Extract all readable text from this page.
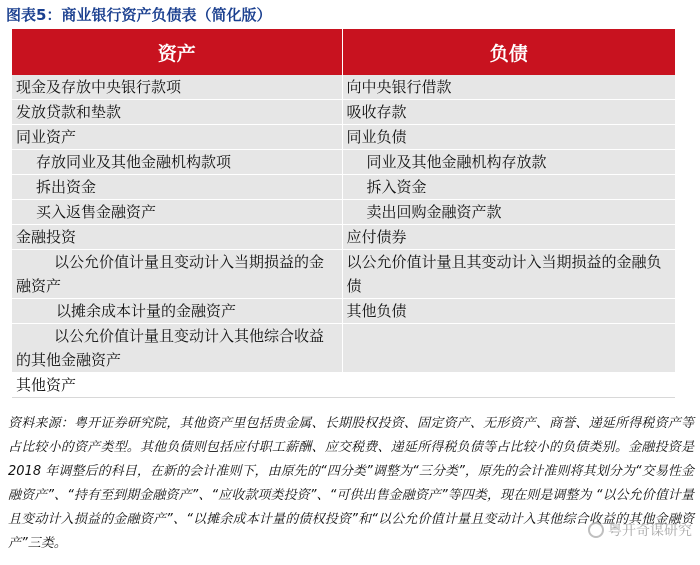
图表5：商业银行资产负债表（简化版）
资产	负债
现金及存放中央银行款项	向中央银行借款
发放贷款和垫款	吸收存款
同业资产	同业负债
存放同业及其他金融机构款项	同业及其他金融机构存放款
拆出资金	拆入资金
买入返售金融资产	卖出回购金融资产款
金融投资	应付债券
以公允价值计量且变动计入当期损益的金融资产	以公允价值计量且其变动计入当期损益的金融负债
以摊余成本计量的金融资产	其他负债
以公允价值计量且变动计入其他综合收益的其他金融资产	
其他资产	
资料来源：粤开证券研究院，其他资产里包括贵金属、长期股权投资、固定资产、无形资产、商誉、递延所得税资产等占比较小的资产类型。其他负债则包括应付职工薪酬、应交税费、递延所得税负债等占比较小的负债类别。金融投资是 2018 年调整后的科目，在新的会计准则下，由原先的“四分类”调整为“三分类”，原先的会计准则将其划分为“交易性金融资产”、“持有至到期金融资产”、“应收款项类投资”、“可供出售金融资产”等四类，现在则是调整为 “以公允价值计量且变动计入损益的金融资产”、“以摊余成本计量的债权投资”和“以公允价值计量且变动计入其他综合收益的其他金融资产”三类。
粤开奇谋研究
